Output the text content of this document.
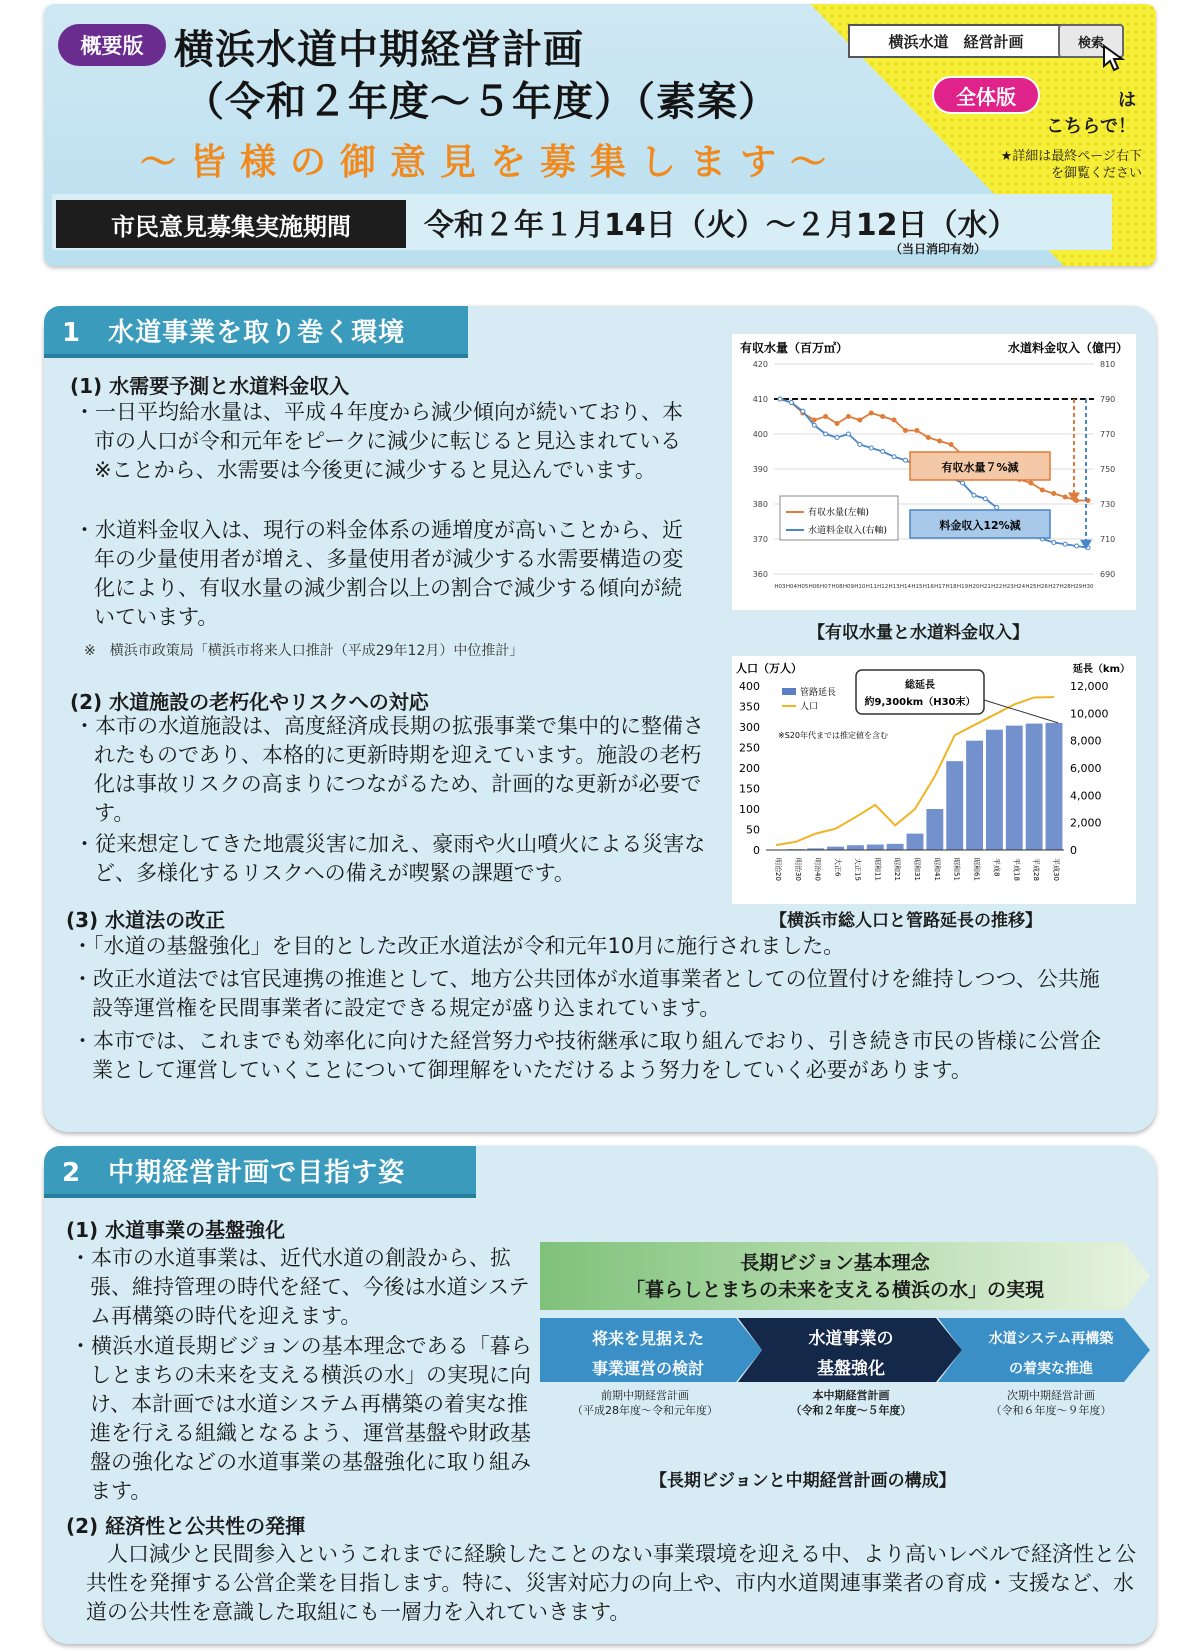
概要版 横浜水道中期経営計画
（令和２年度～５年度）（素案）
～皆様の御意見を募集します～
横浜水道　経営計画	検索
全体版	は
こちらで！
★詳細は最終ページ右下を御覧ください
市民意見募集実施期間	令和２年１月14日（火）～２月12日（水）
（当日消印有効）
1　水道事業を取り巻く環境
(1) 水需要予測と水道料金収入
・一日平均給水量は、平成４年度から減少傾向が続いており、本市の人口が令和元年をピークに減少に転じると見込まれている※ことから、水需要は今後更に減少すると見込んでいます。
・水道料金収入は、現行の料金体系の逓増度が高いことから、近年の少量使用者が増え、多量使用者が減少する水需要構造の変化により、有収水量の減少割合以上の割合で減少する傾向が続いています。
※　横浜市政策局「横浜市将来人口推計（平成29年12月）中位推計」
有収水量（百万㎥）	水道料金収入（億円）
420	810
410	790
400	770
390	750
380	730
370	710
360	690
H03 H04 H05 H06 H07 H08 H09 H10 H11 H12 H13 H14 H15 H16 H17 H18 H19 H20 H21 H22 H23 H24 H25 H26 H27 H28 H29 H30
有収水量(左軸)
水道料金収入(右軸)
有収水量７%減
料金収入12%減
【有収水量と水道料金収入】
(2) 水道施設の老朽化やリスクへの対応
・本市の水道施設は、高度経済成長期の拡張事業で集中的に整備されたものであり、本格的に更新時期を迎えています。施設の老朽化は事故リスクの高まりにつながるため、計画的な更新が必要です。
・従来想定してきた地震災害に加え、豪雨や火山噴火による災害など、多様化するリスクへの備えが喫緊の課題です。
人口（万人）	延長（km）
400
350
300
250
200
150
100
50
0
12,000
10,000
8,000
6,000
4,000
2,000
0
明治20 明治30 明治40 大正6 大正15 昭和11 昭和21 昭和31 昭和41 昭和51 昭和61 平成8 平成18 平成28 平成30
管路延長
人口
※S20年代までは推定値を含む
総延長
約9,300km（H30末）
【横浜市総人口と管路延長の推移】
(3) 水道法の改正
・「水道の基盤強化」を目的とした改正水道法が令和元年10月に施行されました。
・改正水道法では官民連携の推進として、地方公共団体が水道事業者としての位置付けを維持しつつ、公共施設等運営権を民間事業者に設定できる規定が盛り込まれています。
・本市では、これまでも効率化に向けた経営努力や技術継承に取り組んでおり、引き続き市民の皆様に公営企業として運営していくことについて御理解をいただけるよう努力をしていく必要があります。
2　中期経営計画で目指す姿
(1) 水道事業の基盤強化
・本市の水道事業は、近代水道の創設から、拡張、維持管理の時代を経て、今後は水道システム再構築の時代を迎えます。
・横浜水道長期ビジョンの基本理念である「暮らしとまちの未来を支える横浜の水」の実現に向け、本計画では水道システム再構築の着実な推進を行える組織となるよう、運営基盤や財政基盤の強化などの水道事業の基盤強化に取り組みます。
長期ビジョン基本理念
「暮らしとまちの未来を支える横浜の水」の実現
将来を見据えた
事業運営の検討
水道事業の
基盤強化
水道システム再構築
の着実な推進
前期中期経営計画
（平成28年度～令和元年度）
本中期経営計画
（令和２年度～５年度）
次期中期経営計画
（令和６年度～９年度）
【長期ビジョンと中期経営計画の構成】
(2) 経済性と公共性の発揮
人口減少と民間参入というこれまでに経験したことのない事業環境を迎える中、より高いレベルで経済性と公共性を発揮する公営企業を目指します。特に、災害対応力の向上や、市内水道関連事業者の育成・支援など、水道の公共性を意識した取組にも一層力を入れていきます。
